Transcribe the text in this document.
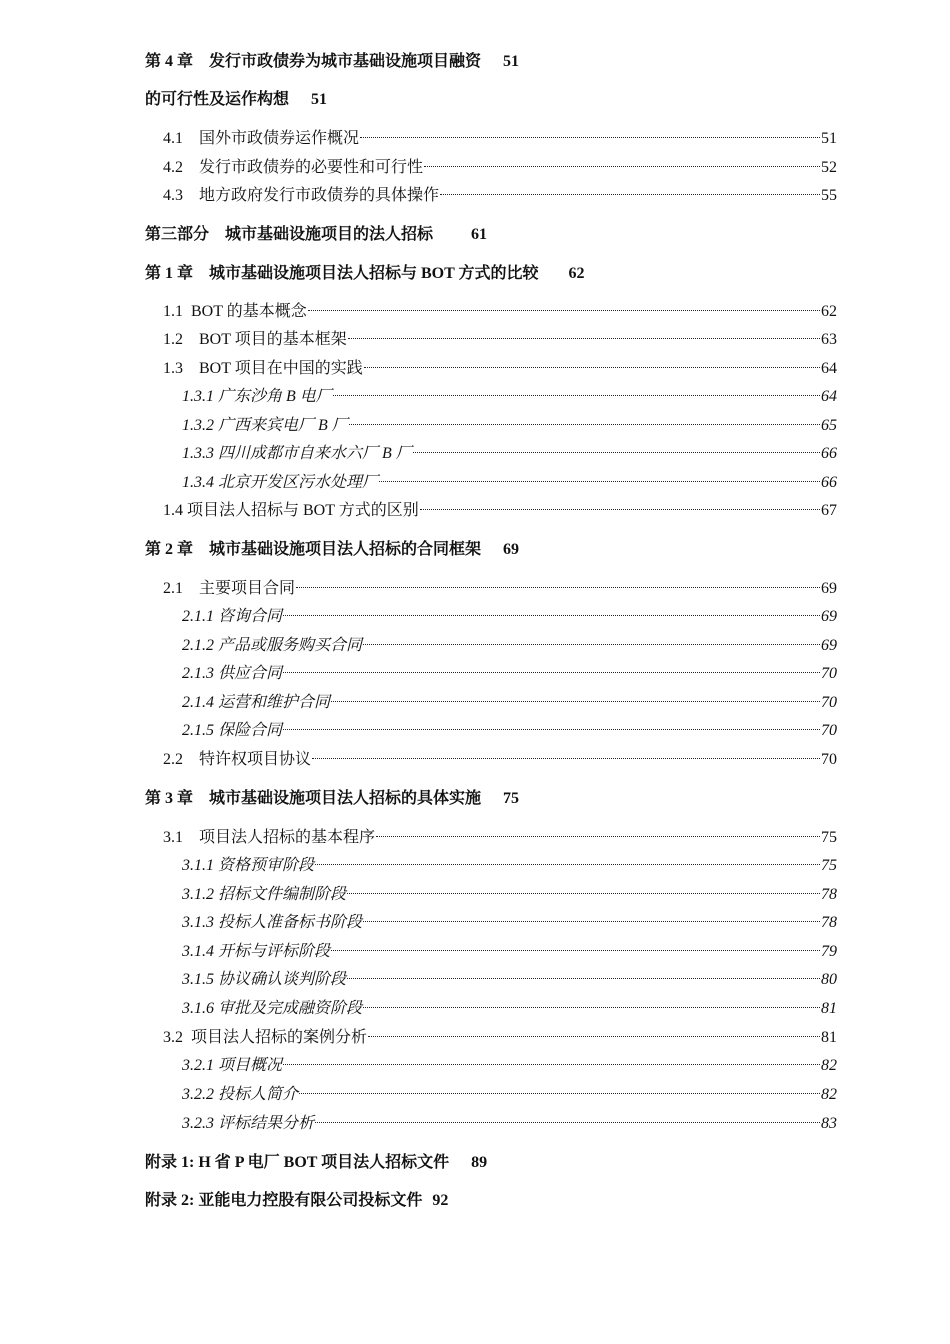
第 4 章　发行市政债券为城市基础设施项目融资 51
的可行性及运作构想 51
4.1　国外市政债券运作概况	51
4.2　发行市政债券的必要性和可行性	52
4.3　地方政府发行市政债券的具体操作	55
第三部分　城市基础设施项目的法人招标 61
第 1 章　城市基础设施项目法人招标与 BOT 方式的比较 62
1.1  BOT 的基本概念	62
1.2　BOT 项目的基本框架	63
1.3　BOT 项目在中国的实践	64
1.3.1 广东沙角 B 电厂	64
1.3.2 广西来宾电厂 B 厂	65
1.3.3 四川成都市自来水六厂 B 厂	66
1.3.4 北京开发区污水处理厂	66
1.4 项目法人招标与 BOT 方式的区别	67
第 2 章　城市基础设施项目法人招标的合同框架 69
2.1　主要项目合同	69
2.1.1 咨询合同	69
2.1.2 产品或服务购买合同	69
2.1.3 供应合同	70
2.1.4 运营和维护合同	70
2.1.5 保险合同	70
2.2　特许权项目协议	70
第 3 章　城市基础设施项目法人招标的具体实施 75
3.1　项目法人招标的基本程序	75
3.1.1 资格预审阶段	75
3.1.2 招标文件编制阶段	78
3.1.3 投标人准备标书阶段	78
3.1.4 开标与评标阶段	79
3.1.5 协议确认谈判阶段	80
3.1.6 审批及完成融资阶段	81
3.2  项目法人招标的案例分析	81
3.2.1 项目概况	82
3.2.2 投标人简介	82
3.2.3 评标结果分析	83
附录 1: H 省 P 电厂 BOT 项目法人招标文件 89
附录 2: 亚能电力控股有限公司投标文件 92
